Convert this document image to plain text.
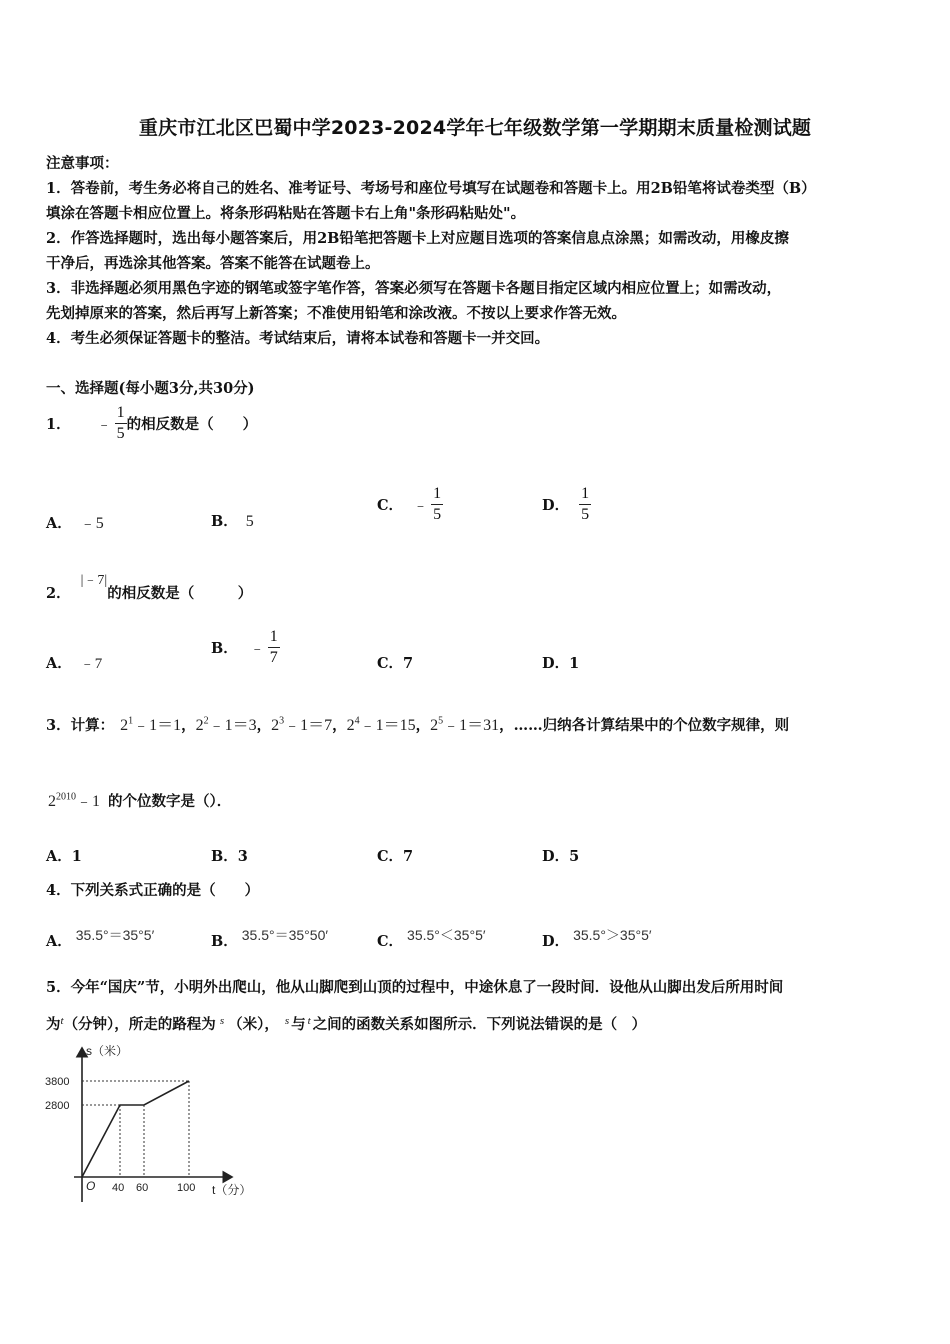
重庆市江北区巴蜀中学2023-2024学年七年级数学第一学期期末质量检测试题
注意事项：
1．答卷前，考生务必将自己的姓名、准考证号、考场号和座位号填写在试题卷和答题卡上。用2B铅笔将试卷类型（B）
填涂在答题卡相应位置上。将条形码粘贴在答题卡右上角"条形码粘贴处"。
2．作答选择题时，选出每小题答案后，用2B铅笔把答题卡上对应题目选项的答案信息点涂黑；如需改动，用橡皮擦
干净后，再选涂其他答案。答案不能答在试题卷上。
3．非选择题必须用黑色字迹的钢笔或签字笔作答，答案必须写在答题卡各题目指定区域内相应位置上；如需改动，
先划掉原来的答案，然后再写上新答案；不准使用铅笔和涂改液。不按以上要求作答无效。
4．考生必须保证答题卡的整洁。考试结束后，请将本试卷和答题卡一并交回。
一、选择题(每小题3分,共30分)
1． ﹣ $\frac{1}{5}$ 的相反数是（　　）
A． ﹣5	B． 5
C． ﹣ $\frac{1}{5}$	D． $\frac{1}{5}$
2．|﹣7|的相反数是（　　　）
A． ﹣7
B． ﹣ $\frac{1}{7}$	C．7	D．1
3．计算： $2^1﹣1=1$ ， $2^2﹣1=3$ ， $2^3﹣1=7$ ， $2^4﹣1=15$ ， $2^5﹣1=31$ ，……归纳各计算结果中的个位数字规律，则
$2^{2010}﹣1$ 的个位数字是（）．
A．1	B．3	C．7	D．5
4．下列关系式正确的是（　　）
A． 35.5°＝35°5′	B． 35.5°＝35°50′	C． 35.5°＜35°5′	D． 35.5°＞35°5′
5．今年“国庆”节，小明外出爬山，他从山脚爬到山顶的过程中，中途休息了一段时间．设他从山脚出发后所用时间
为$^t$（分钟），所走的路程为 $^s$ （米）， $^s$ 与 $^t$ 之间的函数关系如图所示．下列说法错误的是（　）
s（米）
3800
2800
O 40 60	100 t（分）
